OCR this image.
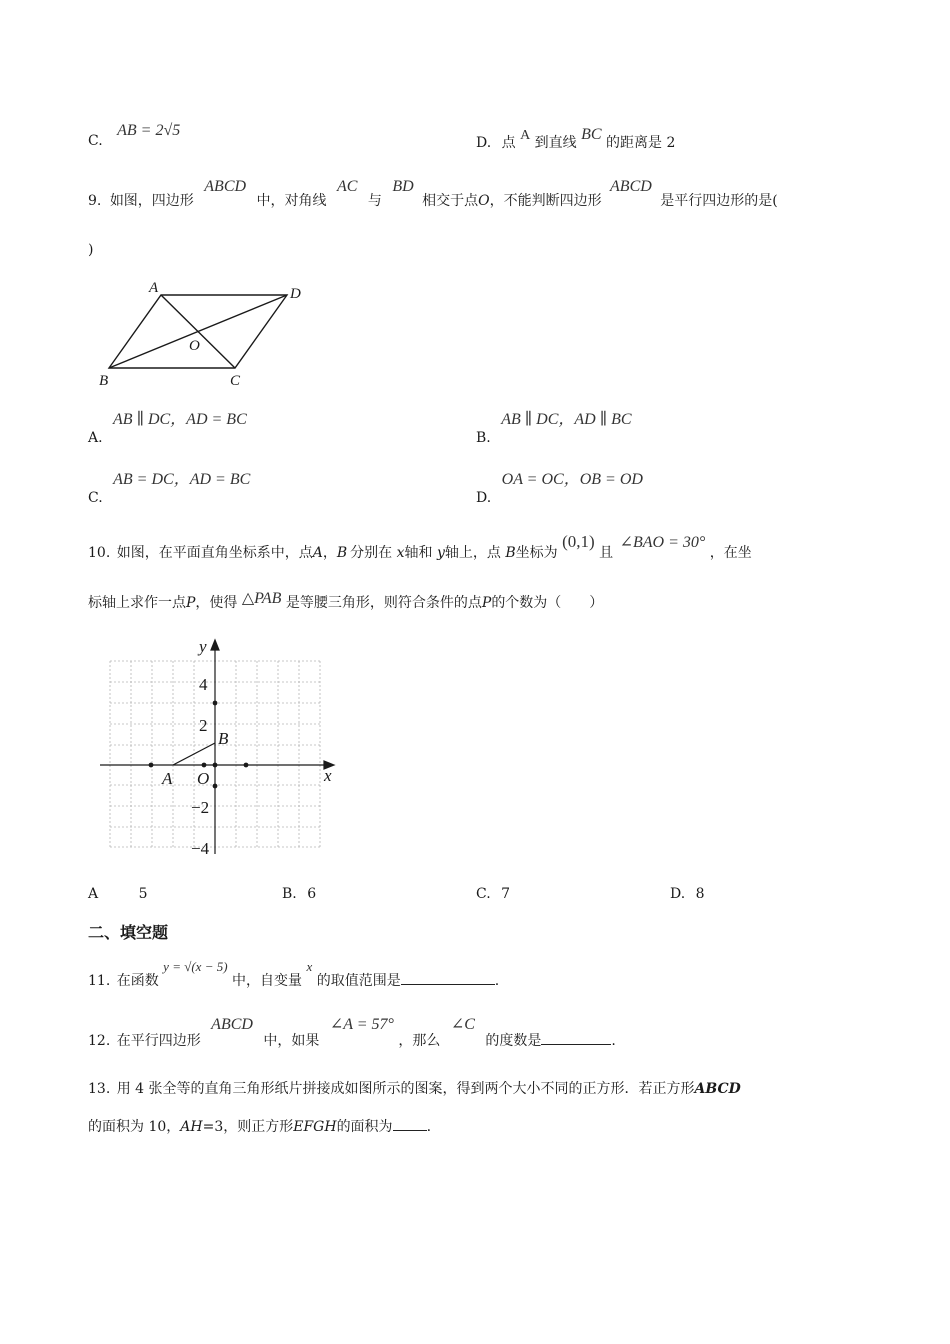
C. AB = 2√5
D. 点 A 到直线 BC 的距离是 2
9. 如图，四边形 ABCD 中，对角线 AC 与 BD 相交于点O，不能判断四边形 ABCD 是平行四边形的是(
)
A	D
O
B	C
A. AB ∥ DC，AD = BC
B. AB ∥ DC，AD ∥ BC
C. AB = DC，AD = BC
D. OA = OC，OB = OD
10. 如图，在平面直角坐标系中，点A，B 分别在 x轴和 y轴上，点 B坐标为 (0,1) 且 ∠BAO = 30° ，在坐
标轴上求作一点P，使得 △PAB 是等腰三角形，则符合条件的点P的个数为（　　）
y
x
4
2
−2
−4
B
A O
A	5	B. 6	C. 7	D. 8
二、填空题
11. 在函数 y = √(x − 5) 中，自变量 x 的取值范围是	.
12. 在平行四边形 ABCD 中，如果 ∠A = 57° ，那么 ∠C 的度数是	.
13. 用 4 张全等的直角三角形纸片拼接成如图所示的图案，得到两个大小不同的正方形．若正方形ABCD
的面积为 10，AH=3，则正方形EFGH的面积为 .
